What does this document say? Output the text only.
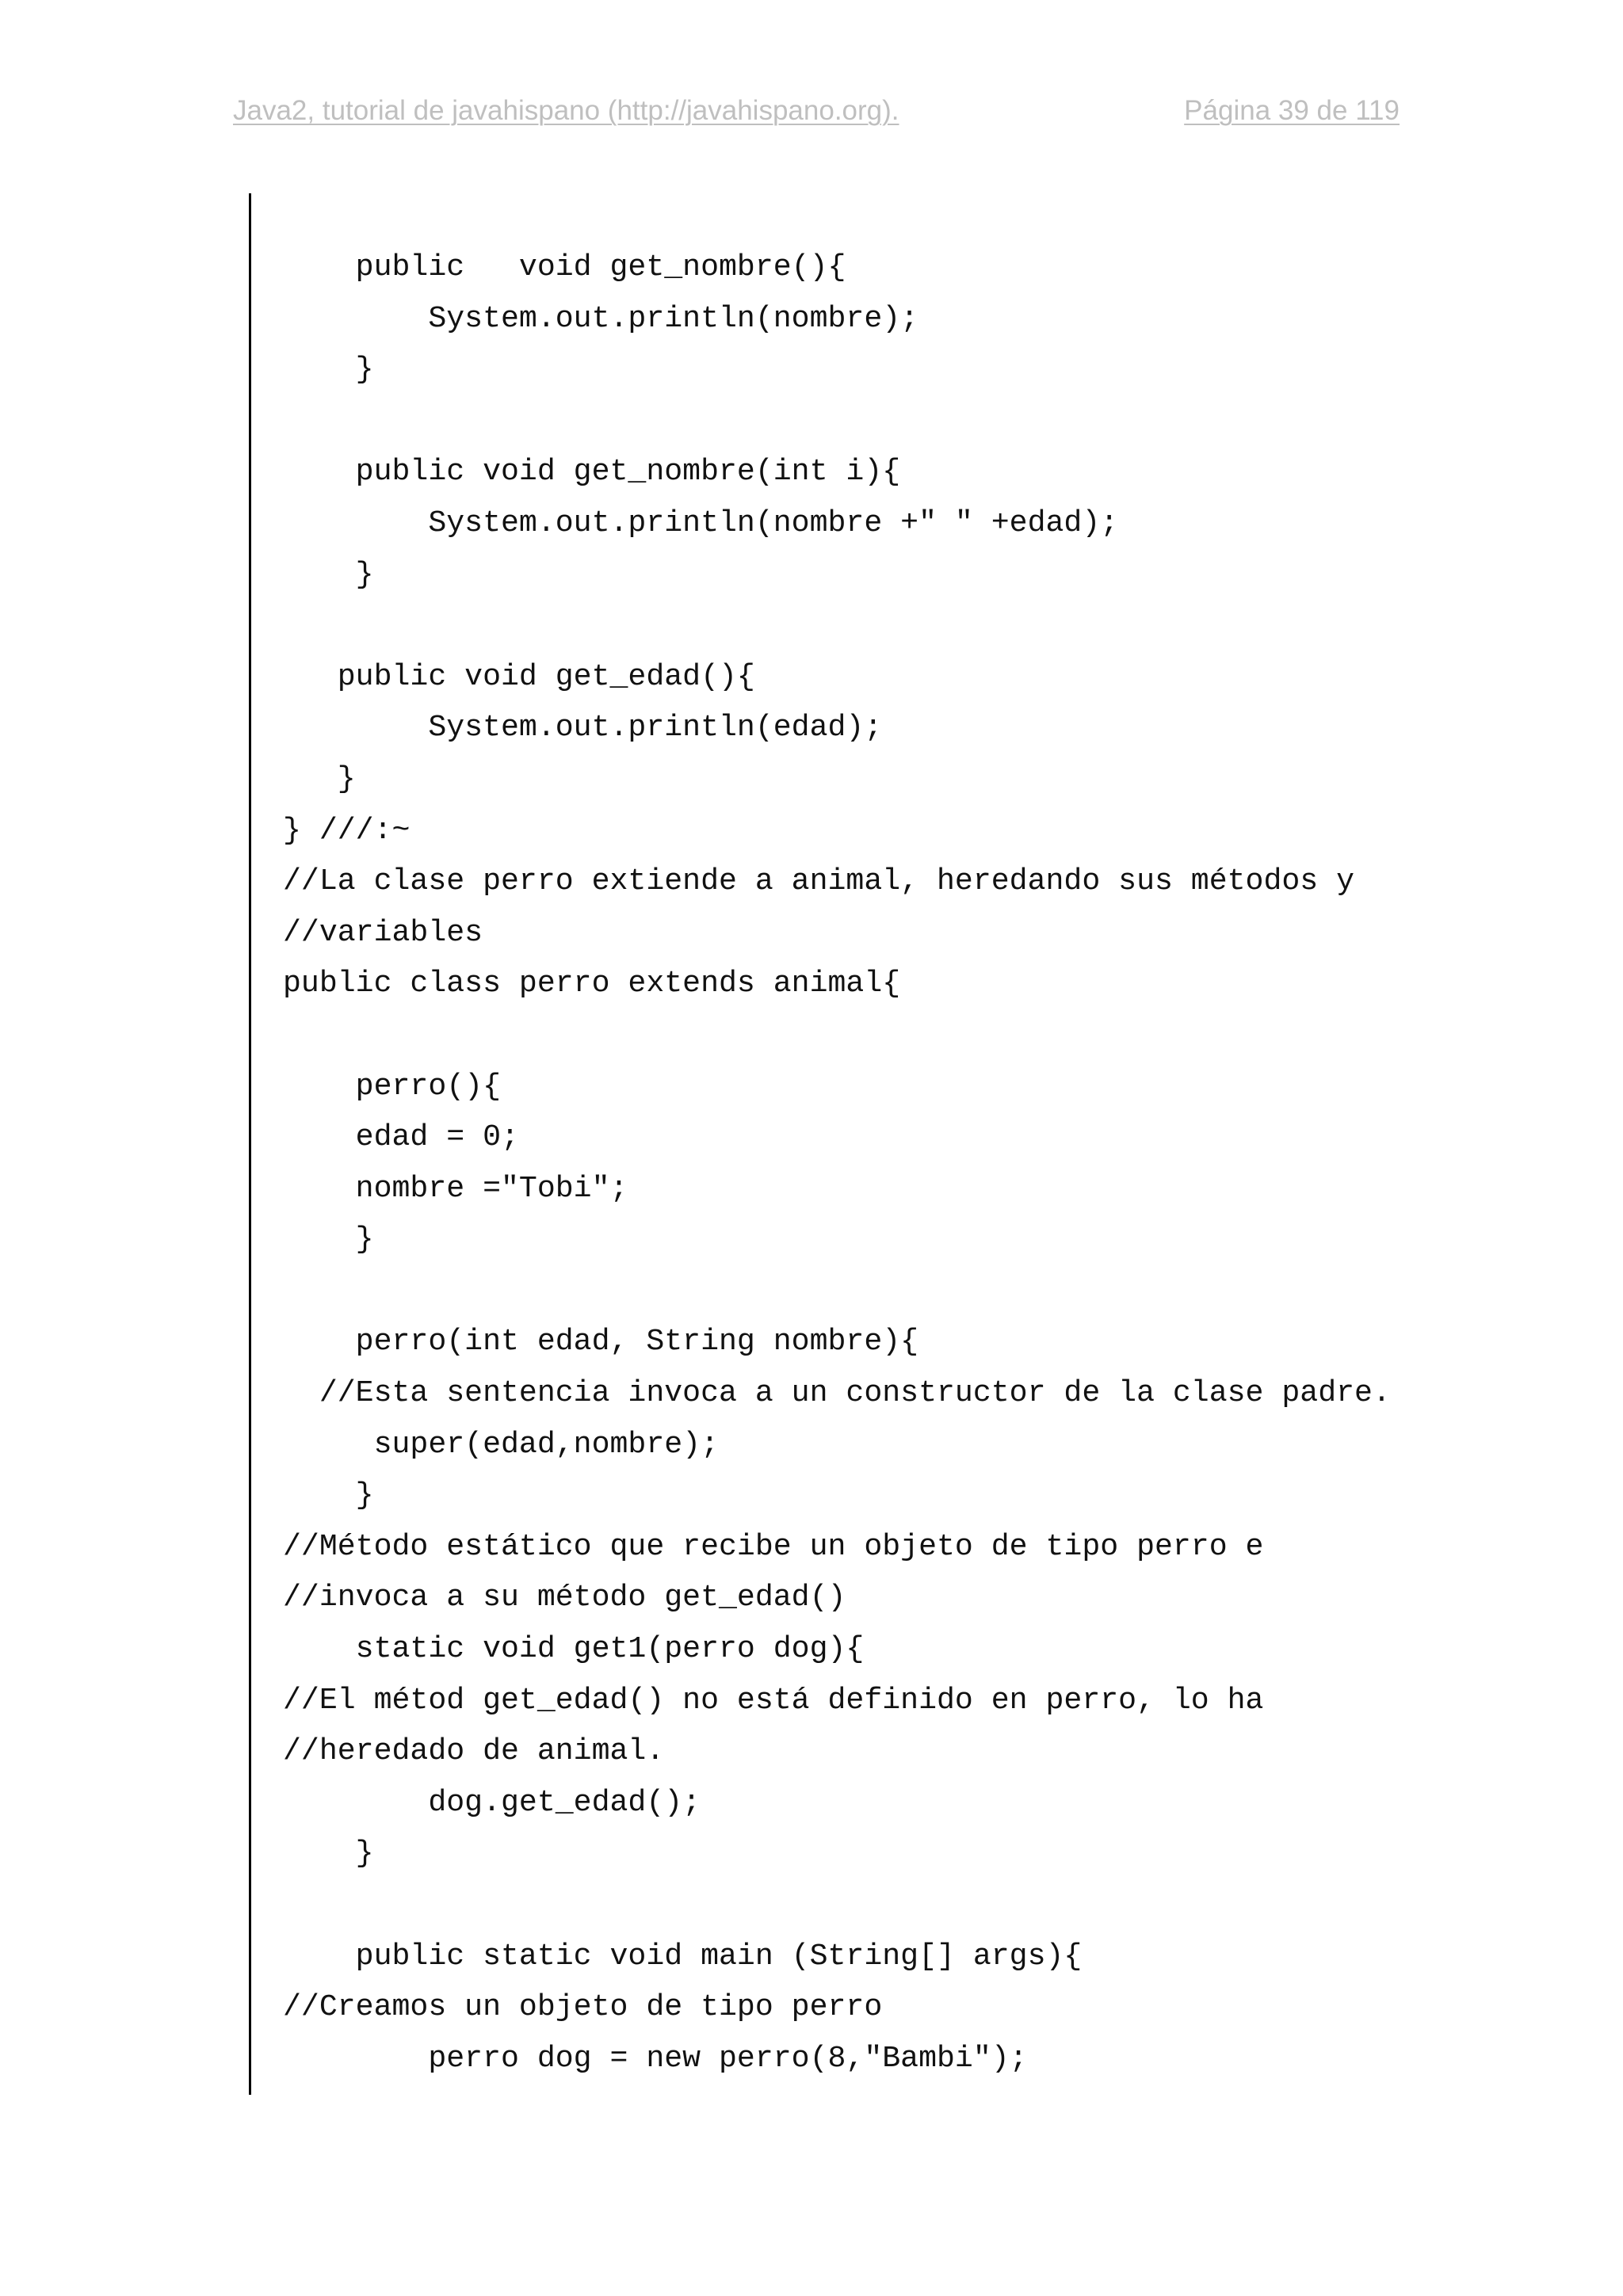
Java2, tutorial de javahispano (http://javahispano.org).	Página 39 de 119
public   void get_nombre(){
System.out.println(nombre);
}
public void get_nombre(int i){
System.out.println(nombre +" " +edad);
}
public void get_edad(){
System.out.println(edad);
}
} ///:~
//La clase perro extiende a animal, heredando sus métodos y
//variables
public class perro extends animal{
perro(){
edad = 0;
nombre ="Tobi";
}
perro(int edad, String nombre){
//Esta sentencia invoca a un constructor de la clase padre.
super(edad,nombre);
}
//Método estático que recibe un objeto de tipo perro e
//invoca a su método get_edad()
static void get1(perro dog){
//El métod get_edad() no está definido en perro, lo ha
//heredado de animal.
dog.get_edad();
}
public static void main (String[] args){
//Creamos un objeto de tipo perro
perro dog = new perro(8,"Bambi");
